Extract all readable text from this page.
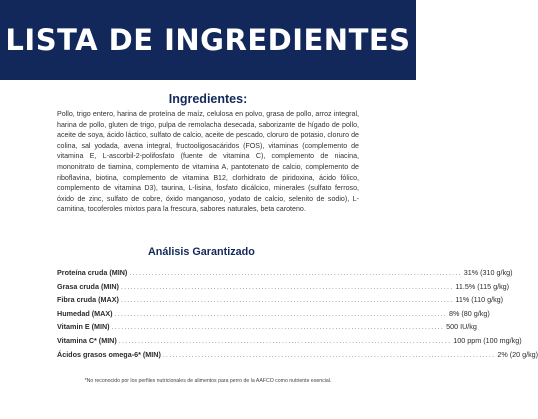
LISTA DE INGREDIENTES
Ingredientes:
Pollo, trigo entero, harina de proteína de maíz, celulosa en polvo, grasa de pollo, arroz integral, harina de pollo, gluten de trigo, pulpa de remolacha desecada, saborizante de hígado de pollo, aceite de soya, ácido láctico, sulfato de calcio, aceite de pescado, cloruro de potasio, cloruro de colina, sal yodada, avena integral, fructooligosacáridos (FOS), vitaminas (complemento de vitamina E, L-ascorbil-2-polifosfato (fuente de vitamina C), complemento de niacina, mononitrato de tiamina, complemento de vitamina A, pantotenato de calcio, complemento de riboflavina, biotina, complemento de vitamina B12, clorhidrato de piridoxina, ácido fólico, complemento de vitamina D3), taurina, L-lisina, fosfato dicálcico, minerales (sulfato ferroso, óxido de zinc, sulfato de cobre, óxido manganoso, yodato de calcio, selenito de sodio), L-carnitina, tocoferoles mixtos para la frescura, sabores naturales, beta caroteno.
Análisis Garantizado
Proteína cruda (MIN) ........................................................................................................ 31% (310 g/kg)
Grasa cruda (MIN) ........................................................................................................ 11.5% (115 g/kg)
Fibra cruda (MAX) ........................................................................................................ 11% (110 g/kg)
Humedad (MAX) ........................................................................................................ 8% (80 g/kg)
Vitamin E (MIN) ........................................................................................................ 500 IU/kg
Vitamina C* (MIN) ........................................................................................................ 100 ppm (100 mg/kg)
Ácidos grasos omega-6* (MIN) ........................................................................................................ 2% (20 g/kg)
*No reconocido por los perfiles nutricionales de alimentos para perro de la AAFCO como nutriente esencial.
